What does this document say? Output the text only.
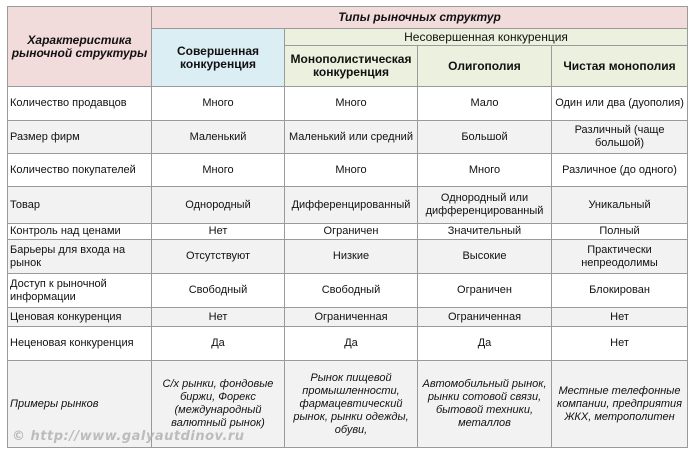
Характеристика рыночной структуры	Типы рыночных структур			
	Совершенная конкуренция	Несовершенная конкуренция		
		Монополистическая конкуренция	Олигополия	Чистая монополия
Количество продавцов	Много	Много	Мало	Один или два (дуополия)
Размер фирм	Маленький	Маленький или средний	Большой	Различный (чаще большой)
Количество покупателей	Много	Много	Много	Различное (до одного)
Товар	Однородный	Дифференцированный	Однородный или дифференцированный	Уникальный
Контроль над ценами	Нет	Ограничен	Значительный	Полный
Барьеры для входа на рынок	Отсутствуют	Низкие	Высокие	Практически непреодолимы
Доступ к рыночной информации	Свободный	Свободный	Ограничен	Блокирован
Ценовая конкуренция	Нет	Ограниченная	Ограниченная	Нет
Неценовая конкуренция	Да	Да	Да	Нет
Примеры рынков	С/х рынки, фондовые биржи, Форекс (международный валютный рынок)	Рынок пищевой промышленности, фармацевтический рынок, рынки одежды, обуви,	Автомобильный рынок, рынки сотовой связи, бытовой техники, металлов	Местные телефонные компании, предприятия ЖКХ, метрополитен
© http://www.galyautdinov.ru
